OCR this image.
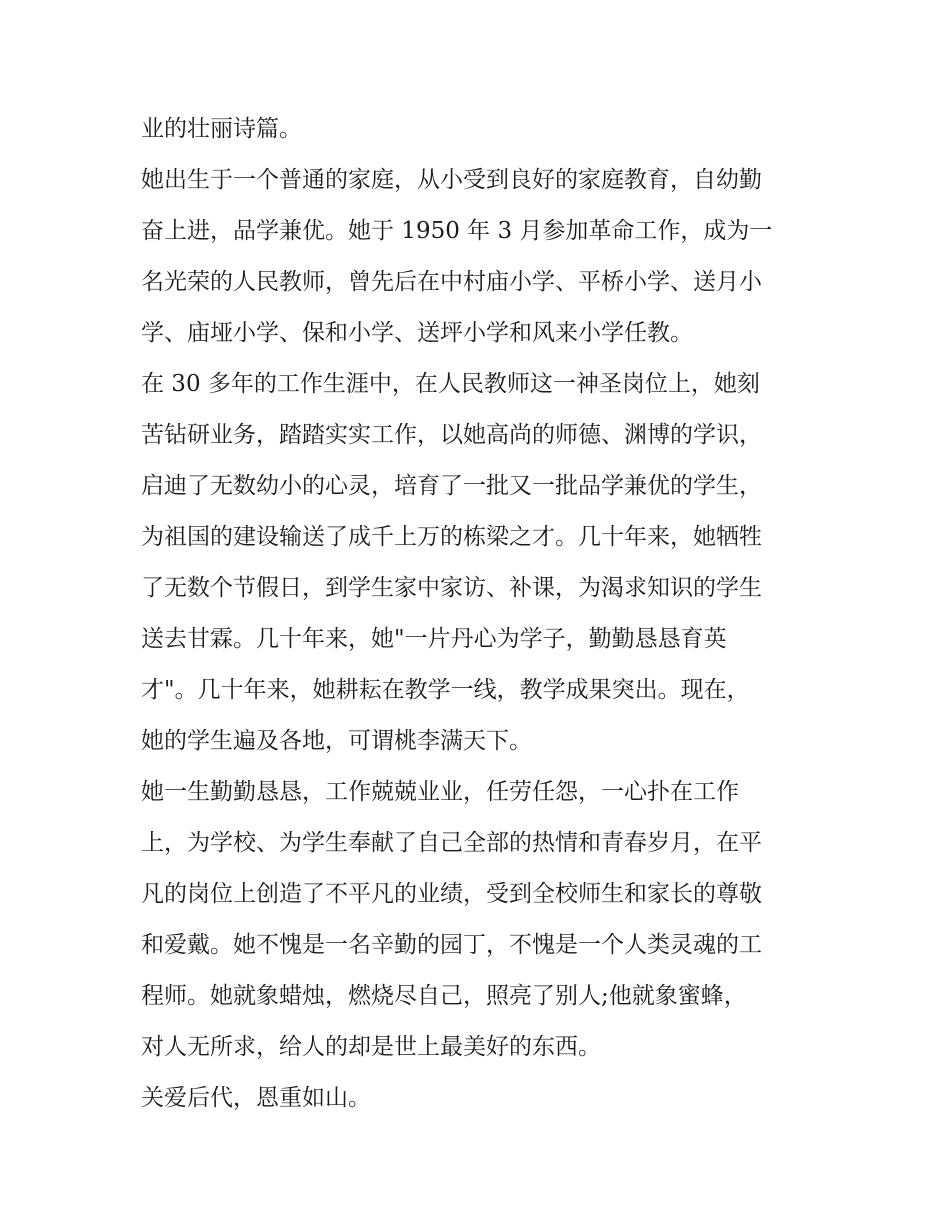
业的壮丽诗篇。
她出生于一个普通的家庭，从小受到良好的家庭教育，自幼勤
奋上进，品学兼优。她于 1950 年 3 月参加革命工作，成为一
名光荣的人民教师，曾先后在中村庙小学、平桥小学、送月小
学、庙垭小学、保和小学、送坪小学和风来小学任教。
在 30 多年的工作生涯中，在人民教师这一神圣岗位上，她刻
苦钻研业务，踏踏实实工作，以她高尚的师德、渊博的学识，
启迪了无数幼小的心灵，培育了一批又一批品学兼优的学生，
为祖国的建设输送了成千上万的栋梁之才。几十年来，她牺牲
了无数个节假日，到学生家中家访、补课，为渴求知识的学生
送去甘霖。几十年来，她"一片丹心为学子，勤勤恳恳育英
才"。几十年来，她耕耘在教学一线，教学成果突出。现在，
她的学生遍及各地，可谓桃李满天下。
她一生勤勤恳恳，工作兢兢业业，任劳任怨，一心扑在工作
上，为学校、为学生奉献了自己全部的热情和青春岁月，在平
凡的岗位上创造了不平凡的业绩，受到全校师生和家长的尊敬
和爱戴。她不愧是一名辛勤的园丁，不愧是一个人类灵魂的工
程师。她就象蜡烛，燃烧尽自己，照亮了别人;他就象蜜蜂，
对人无所求，给人的却是世上最美好的东西。
关爱后代，恩重如山。
